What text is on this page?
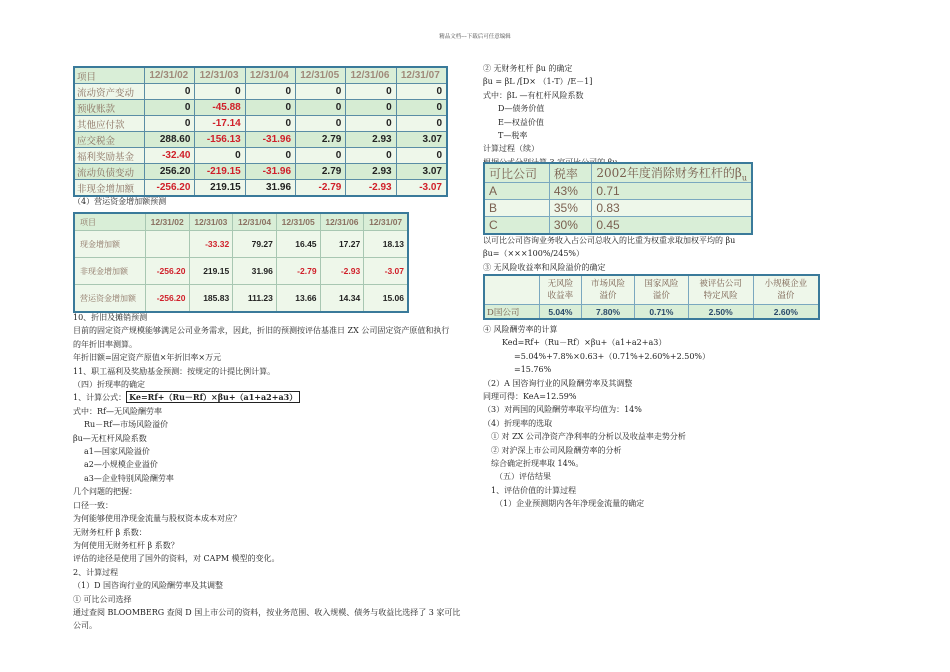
精品文档---下载后可任意编辑
项目	12/31/02	12/31/03	12/31/04	12/31/05	12/31/06	12/31/07
流动资产变动	0	0	0	0	0	0
预收账款	0	-45.88	0	0	0	0
其他应付款	0	-17.14	0	0	0	0
应交税金	288.60	-156.13	-31.96	2.79	2.93	3.07
福利奖励基金	-32.40	0	0	0	0	0
流动负债变动	256.20	-219.15	-31.96	2.79	2.93	3.07
非现金增加额	-256.20	219.15	31.96	-2.79	-2.93	-3.07

（4）营运资金增加额预测

项目	12/31/02	12/31/03	12/31/04	12/31/05	12/31/06	12/31/07
现金增加额		-33.32	79.27	16.45	17.27	18.13
非现金增加额	-256.20	219.15	31.96	-2.79	-2.93	-3.07
营运资金增加额	-256.20	185.83	111.23	13.66	14.34	15.06

10、折旧及摊销预测

目前的固定资产规模能够满足公司业务需求，因此，折旧的预测按评估基准日 ZX 公司固定资产原值和执行

的年折旧率测算。

年折旧额=固定资产原值×年折旧率×万元

11、职工福利及奖励基金预测：按规定的计提比例计算。

（四）折现率的确定

1、计算公式： Ke=Rf+（Ru－Rf）×βu+（a1+a2+a3）

式中：Rf—无风险酬劳率

Ru－Rf—市场风险溢价

βu—无杠杆风险系数

a1—国家风险溢价

a2—小规模企业溢价

a3—企业特别风险酬劳率

几个问题的把握：

口径一致：

为何能够使用净现金流量与股权资本成本对应？

无财务杠杆 β 系数：

为何使用无财务杠杆 β 系数？

评估的途径是使用了国外的资料，对 CAPM 模型的变化。

2、计算过程

（1）D 国咨询行业的风险酬劳率及其调整

① 可比公司选择

通过查阅 BLOOMBERG 查阅 D 国上市公司的资料，按业务范围、收入规模、债务与收益比选择了 3 家可比

公司。

② 无财务杠杆 βu 的确定

βu = βL /[D× （1-T）/E－1]

式中：βL —有杠杆风险系数

D—债务价值

E—权益价值

T—税率

计算过程（续）

可比公司	税率	2002年度消除财务杠杆的$\beta_u$
A	43%	0.71
B	35%	0.83
C	30%	0.45

以可比公司咨询业务收入占公司总收入的比重为权重求取加权平均的 βu

βu=（×××100%/245%）

③ 无风险收益率和风险溢价的确定

	无风险
收益率	市场风险
溢价	国家风险
溢价	被评估公司
特定风险	小规模企业
溢价
D国公司	5.04%	7.80%	0.71%	2.50%	2.60%

④ 风险酬劳率的计算

Ked=Rf+（Ru－Rf）×βu+（a1+a2+a3）

=5.04%+7.8%×0.63+（0.71%+2.60%+2.50%）

=15.76%

（2）A 国咨询行业的风险酬劳率及其调整

同理可得：KeA=12.59%

（3）对两国的风险酬劳率取平均值为：14%

（4）折现率的选取

① 对 ZX 公司净资产净利率的分析以及收益率走势分析

② 对沪深上市公司风险酬劳率的分析

综合确定折现率取 14%。

（五）评估结果

1、评估价值的计算过程

（1）企业预测期内各年净现金流量的确定
